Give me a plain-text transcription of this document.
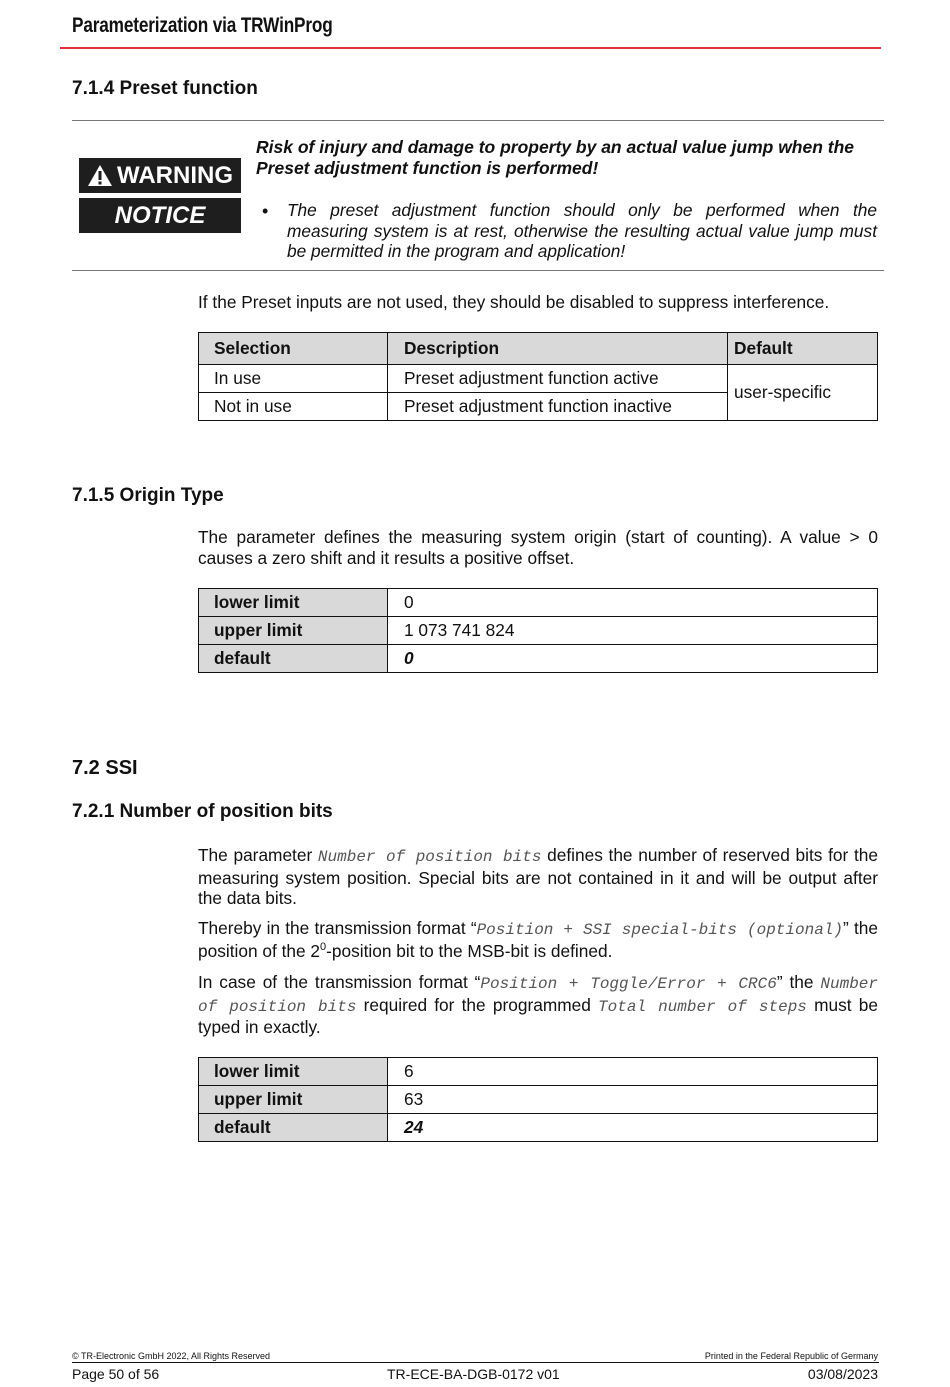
Parameterization via TRWinProg
7.1.4 Preset function
WARNING
NOTICE
Risk of injury and damage to property by an actual value jump when the Preset adjustment function is performed!
• The preset adjustment function should only be performed when the measuring system is at rest, otherwise the resulting actual value jump must be permitted in the program and application!
If the Preset inputs are not used, they should be disabled to suppress interference.
Selection	Description	Default
In use	Preset adjustment function active	user-specific
Not in use	Preset adjustment function inactive	
7.1.5 Origin Type
The parameter defines the measuring system origin (start of counting). A value > 0 causes a zero shift and it results a positive offset.
lower limit	0
upper limit	1 073 741 824
default	0
7.2 SSI
7.2.1 Number of position bits
The parameter Number of position bits defines the number of reserved bits for the measuring system position. Special bits are not contained in it and will be output after the data bits.
Thereby in the transmission format “Position + SSI special-bits (optional)” the position of the $2^0$-position bit to the MSB-bit is defined.
In case of the transmission format “Position + Toggle/Error + CRC6” the Number of position bits required for the programmed Total number of steps must be typed in exactly.
lower limit	6
upper limit	63
default	24
© TR-Electronic GmbH 2022, All Rights Reserved	Printed in the Federal Republic of Germany
Page 50 of 56	TR-ECE-BA-DGB-0172 v01	03/08/2023
